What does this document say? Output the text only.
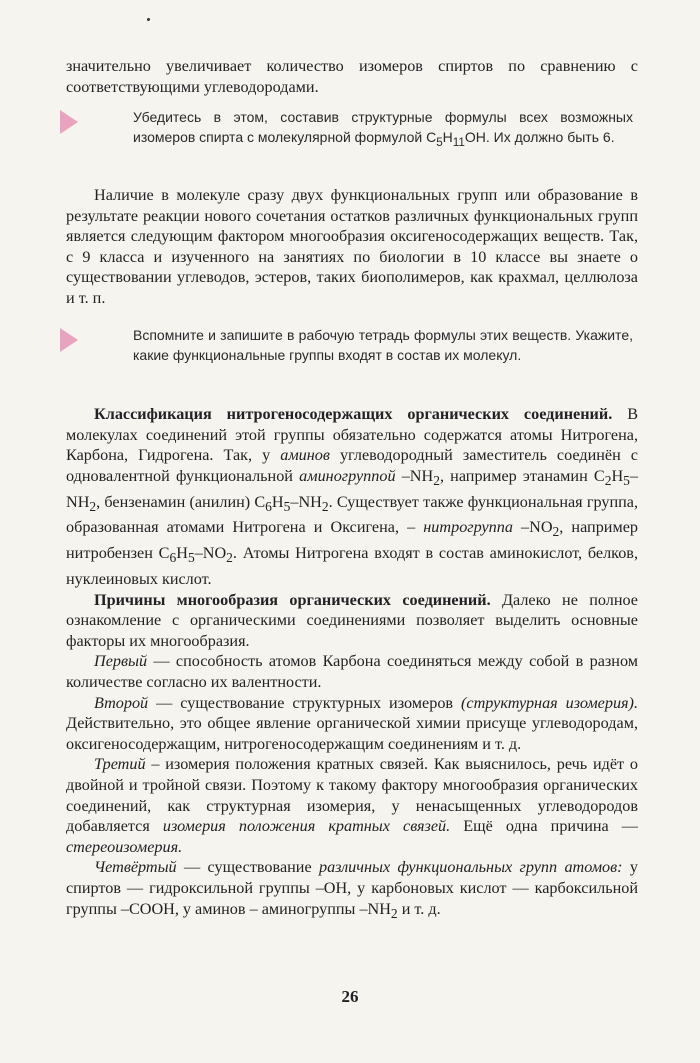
значительно увеличивает количество изомеров спиртов по сравнению с соответствующими углеводородами.

Убедитесь в этом, составив структурные формулы всех возможных изомеров спирта с молекулярной формулой $C_5H_{11}OH$. Их должно быть 6.

Наличие в молекуле сразу двух функциональных групп или образование в результате реакции нового сочетания остатков различных функциональных групп является следующим фактором многообразия оксигеносодержащих веществ. Так, с 9 класса и изученного на занятиях по биологии в 10 классе вы знаете о существовании углеводов, эстеров, таких биополимеров, как крахмал, целлюлоза и т. п.

Вспомните и запишите в рабочую тетрадь формулы этих веществ. Укажите, какие функциональные группы входят в состав их молекул.

Классификация нитрогеносодержащих органических соединений. В молекулах соединений этой группы обязательно содержатся атомы Нитрогена, Карбона, Гидрогена. Так, у аминов углеводородный заместитель соединён с одновалентной функциональной аминогруппой $-NH_2$, например этанамин $C_2H_5-NH_2$, бензенамин (анилин) $C_6H_5-NH_2$. Существует также функциональная группа, образованная атомами Нитрогена и Оксигена, – нитрогруппа $-NO_2$, например нитробензен $C_6H_5-NO_2$. Атомы Нитрогена входят в состав аминокислот, белков, нуклеиновых кислот.

Причины многообразия органических соединений. Далеко не полное ознакомление с органическими соединениями позволяет выделить основные факторы их многообразия.

Первый — способность атомов Карбона соединяться между собой в разном количестве согласно их валентности.

Второй — существование структурных изомеров (структурная изомерия). Действительно, это общее явление органической химии присуще углеводородам, оксигеносодержащим, нитрогеносодержащим соединениям и т. д.

Третий – изомерия положения кратных связей. Как выяснилось, речь идёт о двойной и тройной связи. Поэтому к такому фактору многообразия органических соединений, как структурная изомерия, у ненасыщенных углеводородов добавляется изомерия положения кратных связей. Ещё одна причина — стереоизомерия.

Четвёртый — существование различных функциональных групп атомов: у спиртов — гидроксильной группы –OH, у карбоновых кислот — карбоксильной группы –COOH, у аминов – аминогруппы $-NH_2$ и т. д.

26
